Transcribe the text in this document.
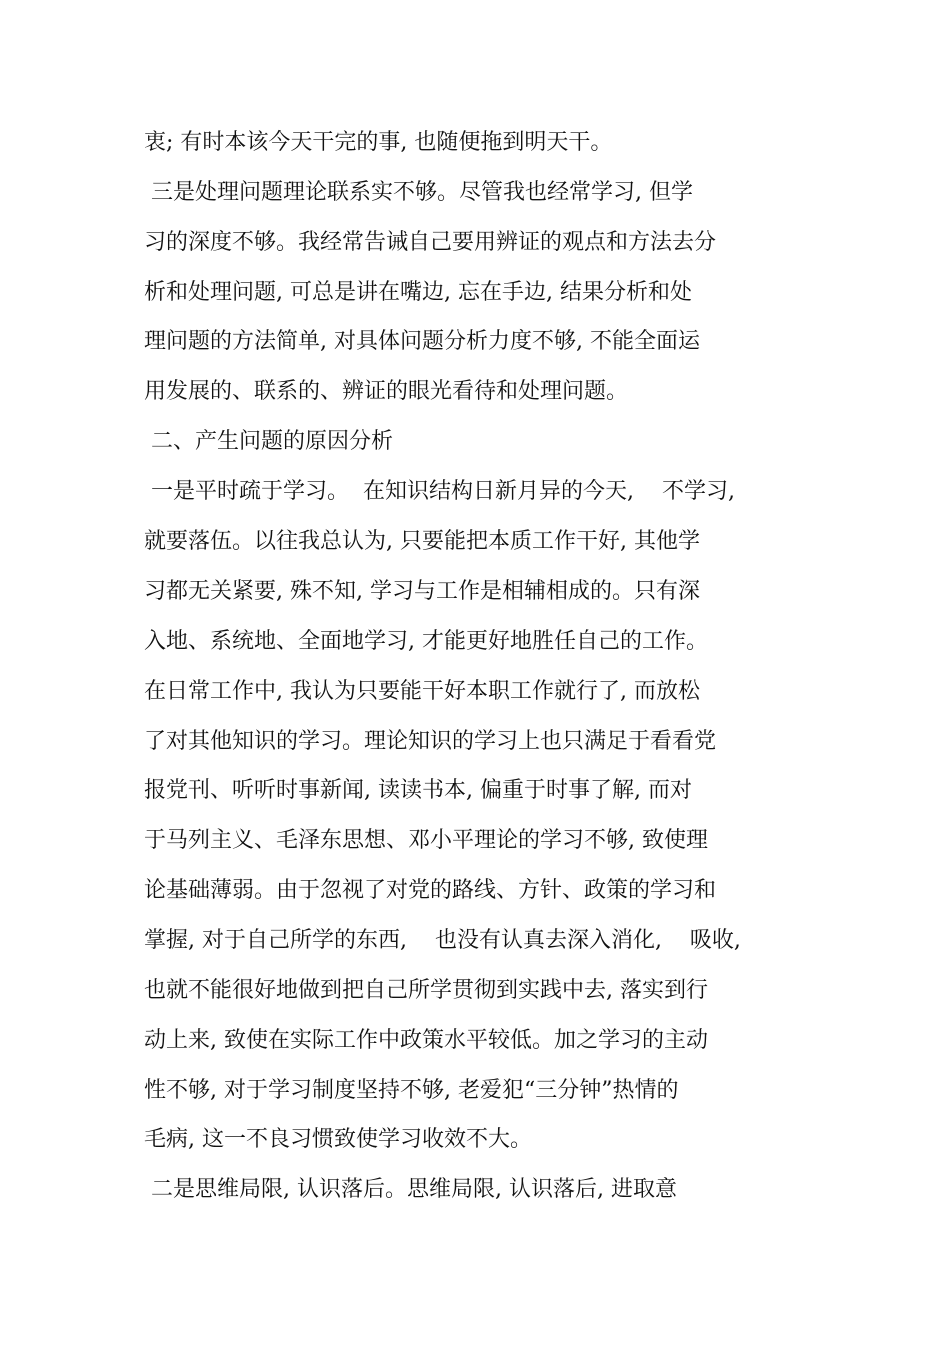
衷; 有时本该今天干完的事, 也随便拖到明天干。

三是处理问题理论联系实不够。尽管我也经常学习, 但学

习的深度不够。我经常告诫自己要用辨证的观点和方法去分

析和处理问题, 可总是讲在嘴边, 忘在手边, 结果分析和处

理问题的方法简单, 对具体问题分析力度不够, 不能全面运

用发展的、联系的、辨证的眼光看待和处理问题。

二、产生问题的原因分析

一是平时疏于学习。  在知识结构日新月异的今天,    不学习,

就要落伍。以往我总认为, 只要能把本质工作干好, 其他学

习都无关紧要, 殊不知, 学习与工作是相辅相成的。只有深

入地、系统地、全面地学习, 才能更好地胜任自己的工作。

在日常工作中, 我认为只要能干好本职工作就行了, 而放松

了对其他知识的学习。理论知识的学习上也只满足于看看党

报党刊、听听时事新闻, 读读书本, 偏重于时事了解, 而对

于马列主义、毛泽东思想、邓小平理论的学习不够, 致使理

论基础薄弱。由于忽视了对党的路线、方针、政策的学习和

掌握, 对于自己所学的东西,    也没有认真去深入消化,    吸收,

也就不能很好地做到把自己所学贯彻到实践中去, 落实到行

动上来, 致使在实际工作中政策水平较低。加之学习的主动

性不够, 对于学习制度坚持不够, 老爱犯“三分钟”热情的

毛病, 这一不良习惯致使学习收效不大。

二是思维局限, 认识落后。思维局限, 认识落后, 进取意
